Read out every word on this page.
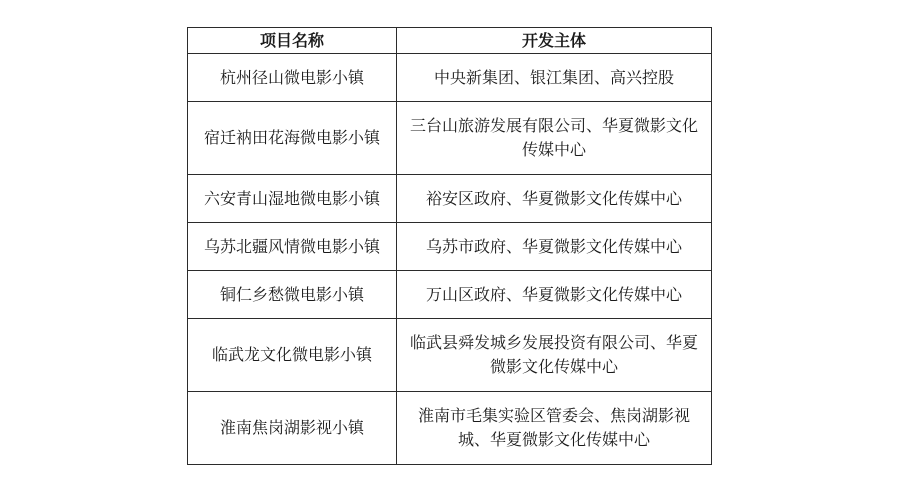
项目名称	开发主体
杭州径山微电影小镇	中央新集团、银江集团、高兴控股
宿迁衲田花海微电影小镇	三台山旅游发展有限公司、华夏微影文化传媒中心
六安青山湿地微电影小镇	裕安区政府、华夏微影文化传媒中心
乌苏北疆风情微电影小镇	乌苏市政府、华夏微影文化传媒中心
铜仁乡愁微电影小镇	万山区政府、华夏微影文化传媒中心
临武龙文化微电影小镇	临武县舜发城乡发展投资有限公司、华夏微影文化传媒中心
淮南焦岗湖影视小镇	淮南市毛集实验区管委会、焦岗湖影视城、华夏微影文化传媒中心
